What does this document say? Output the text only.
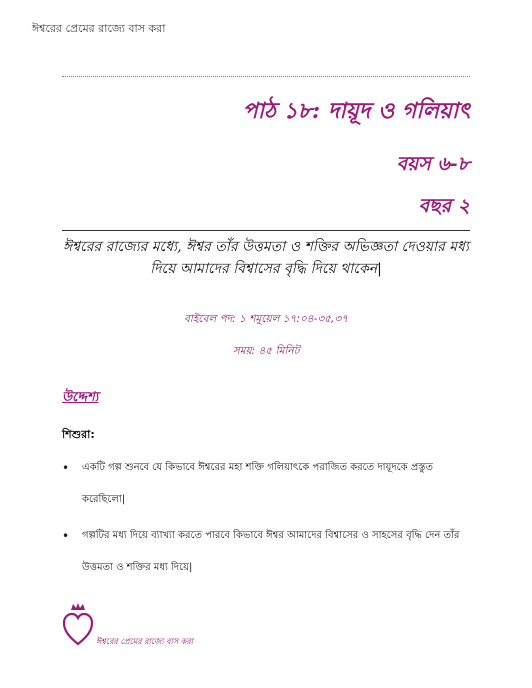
ঈশ্বরের প্রেমের রাজ্যে বাস করা
পাঠ ১৮: দায়ূদ ও গলিয়াৎ
বয়স ৬-৮
বছর ২
ঈশ্বরের রাজ্যের মধ্যে, ঈশ্বর তাঁর উত্তমতা ও শক্তির অভিজ্ঞতা দেওয়ার মধ্য দিয়ে আমাদের বিশ্বাসের বৃদ্ধি দিয়ে থাকেন|
বাইবেল পদ: ১ শমূয়েল ১৭:০৪-৩৫,৩৭
সময়: ৪৫ মিনিট
উদ্দেশ্য
শিশুরা:
•	একটি গল্প শুনবে যে কিভাবে ঈশ্বরের মহা শক্তি গলিয়াৎকে পরাজিত করতে দায়ূদকে প্রস্তুত করেছিলো|
•	গল্পটির মধ্য দিয়ে ব্যাখ্যা করতে পারবে কিভাবে ঈশ্বর আমাদের বিশ্বাসের ও সাহসের বৃদ্ধি দেন তাঁর উত্তমতা ও শক্তির মধ্য দিয়ে|
ঈশ্বরের প্রেমের রাজ্যে বাস করা
